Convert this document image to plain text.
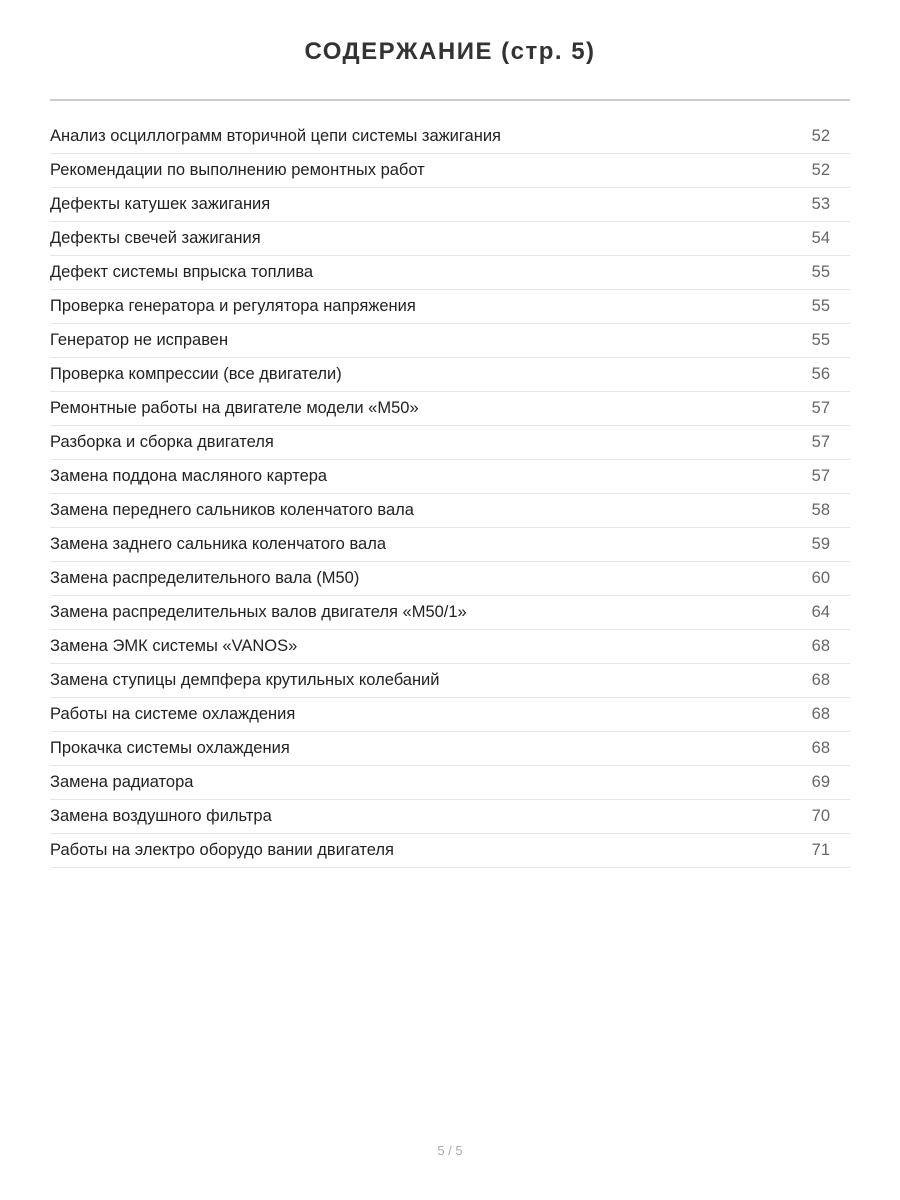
СОДЕРЖАНИЕ (стр. 5)
Анализ осциллограмм вторичной цепи системы зажигания	52
Рекомендации по выполнению ремонтных работ	52
Дефекты катушек зажигания	53
Дефекты свечей зажигания	54
Дефект системы впрыска топлива	55
Проверка генератора и регулятора напряжения	55
Генератор не исправен	55
Проверка компрессии (все двигатели)	56
Ремонтные работы на двигателе модели «M50»	57
Разборка и сборка двигателя	57
Замена поддона масляного картера	57
Замена переднего сальников коленчатого вала	58
Замена заднего сальника коленчатого вала	59
Замена распределительного вала (M50)	60
Замена распределительных валов двигателя «M50/1»	64
Замена ЭМК системы «VANOS»	68
Замена ступицы демпфера крутильных колебаний	68
Работы на системе охлаждения	68
Прокачка системы охлаждения	68
Замена радиатора	69
Замена воздушного фильтра	70
Работы на электро оборудо вании двигателя	71
5 / 5
